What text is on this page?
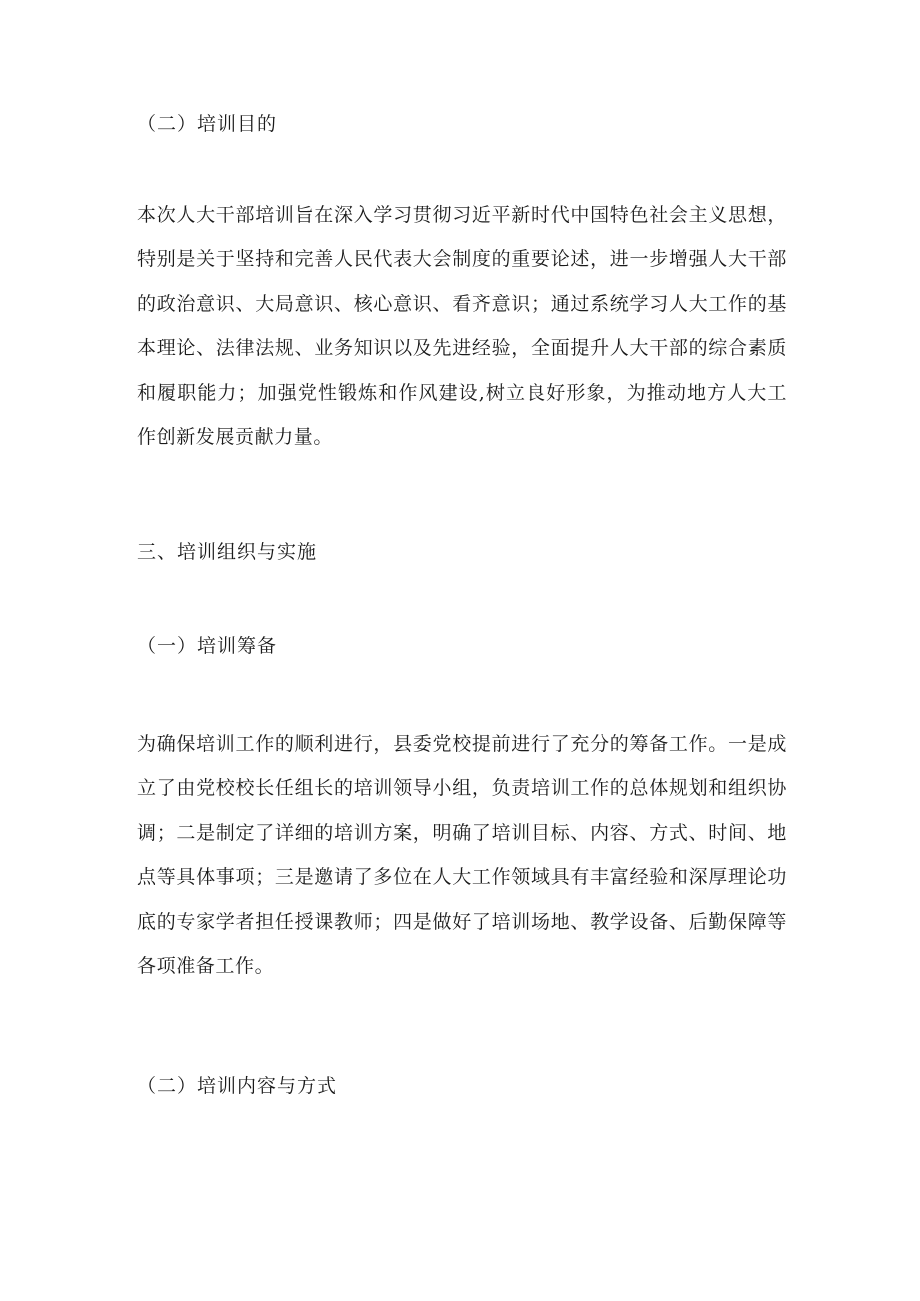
（二）培训目的
本次人大干部培训旨在深入学习贯彻习近平新时代中国特色社会主义思想，特别是关于坚持和完善人民代表大会制度的重要论述，进一步增强人大干部的政治意识、大局意识、核心意识、看齐意识；通过系统学习人大工作的基本理论、法律法规、业务知识以及先进经验，全面提升人大干部的综合素质和履职能力；加强党性锻炼和作风建设,树立良好形象，为推动地方人大工作创新发展贡献力量。
三、培训组织与实施
（一）培训筹备
为确保培训工作的顺利进行，县委党校提前进行了充分的筹备工作。一是成立了由党校校长任组长的培训领导小组，负责培训工作的总体规划和组织协调；二是制定了详细的培训方案，明确了培训目标、内容、方式、时间、地点等具体事项；三是邀请了多位在人大工作领域具有丰富经验和深厚理论功底的专家学者担任授课教师；四是做好了培训场地、教学设备、后勤保障等各项准备工作。
（二）培训内容与方式
